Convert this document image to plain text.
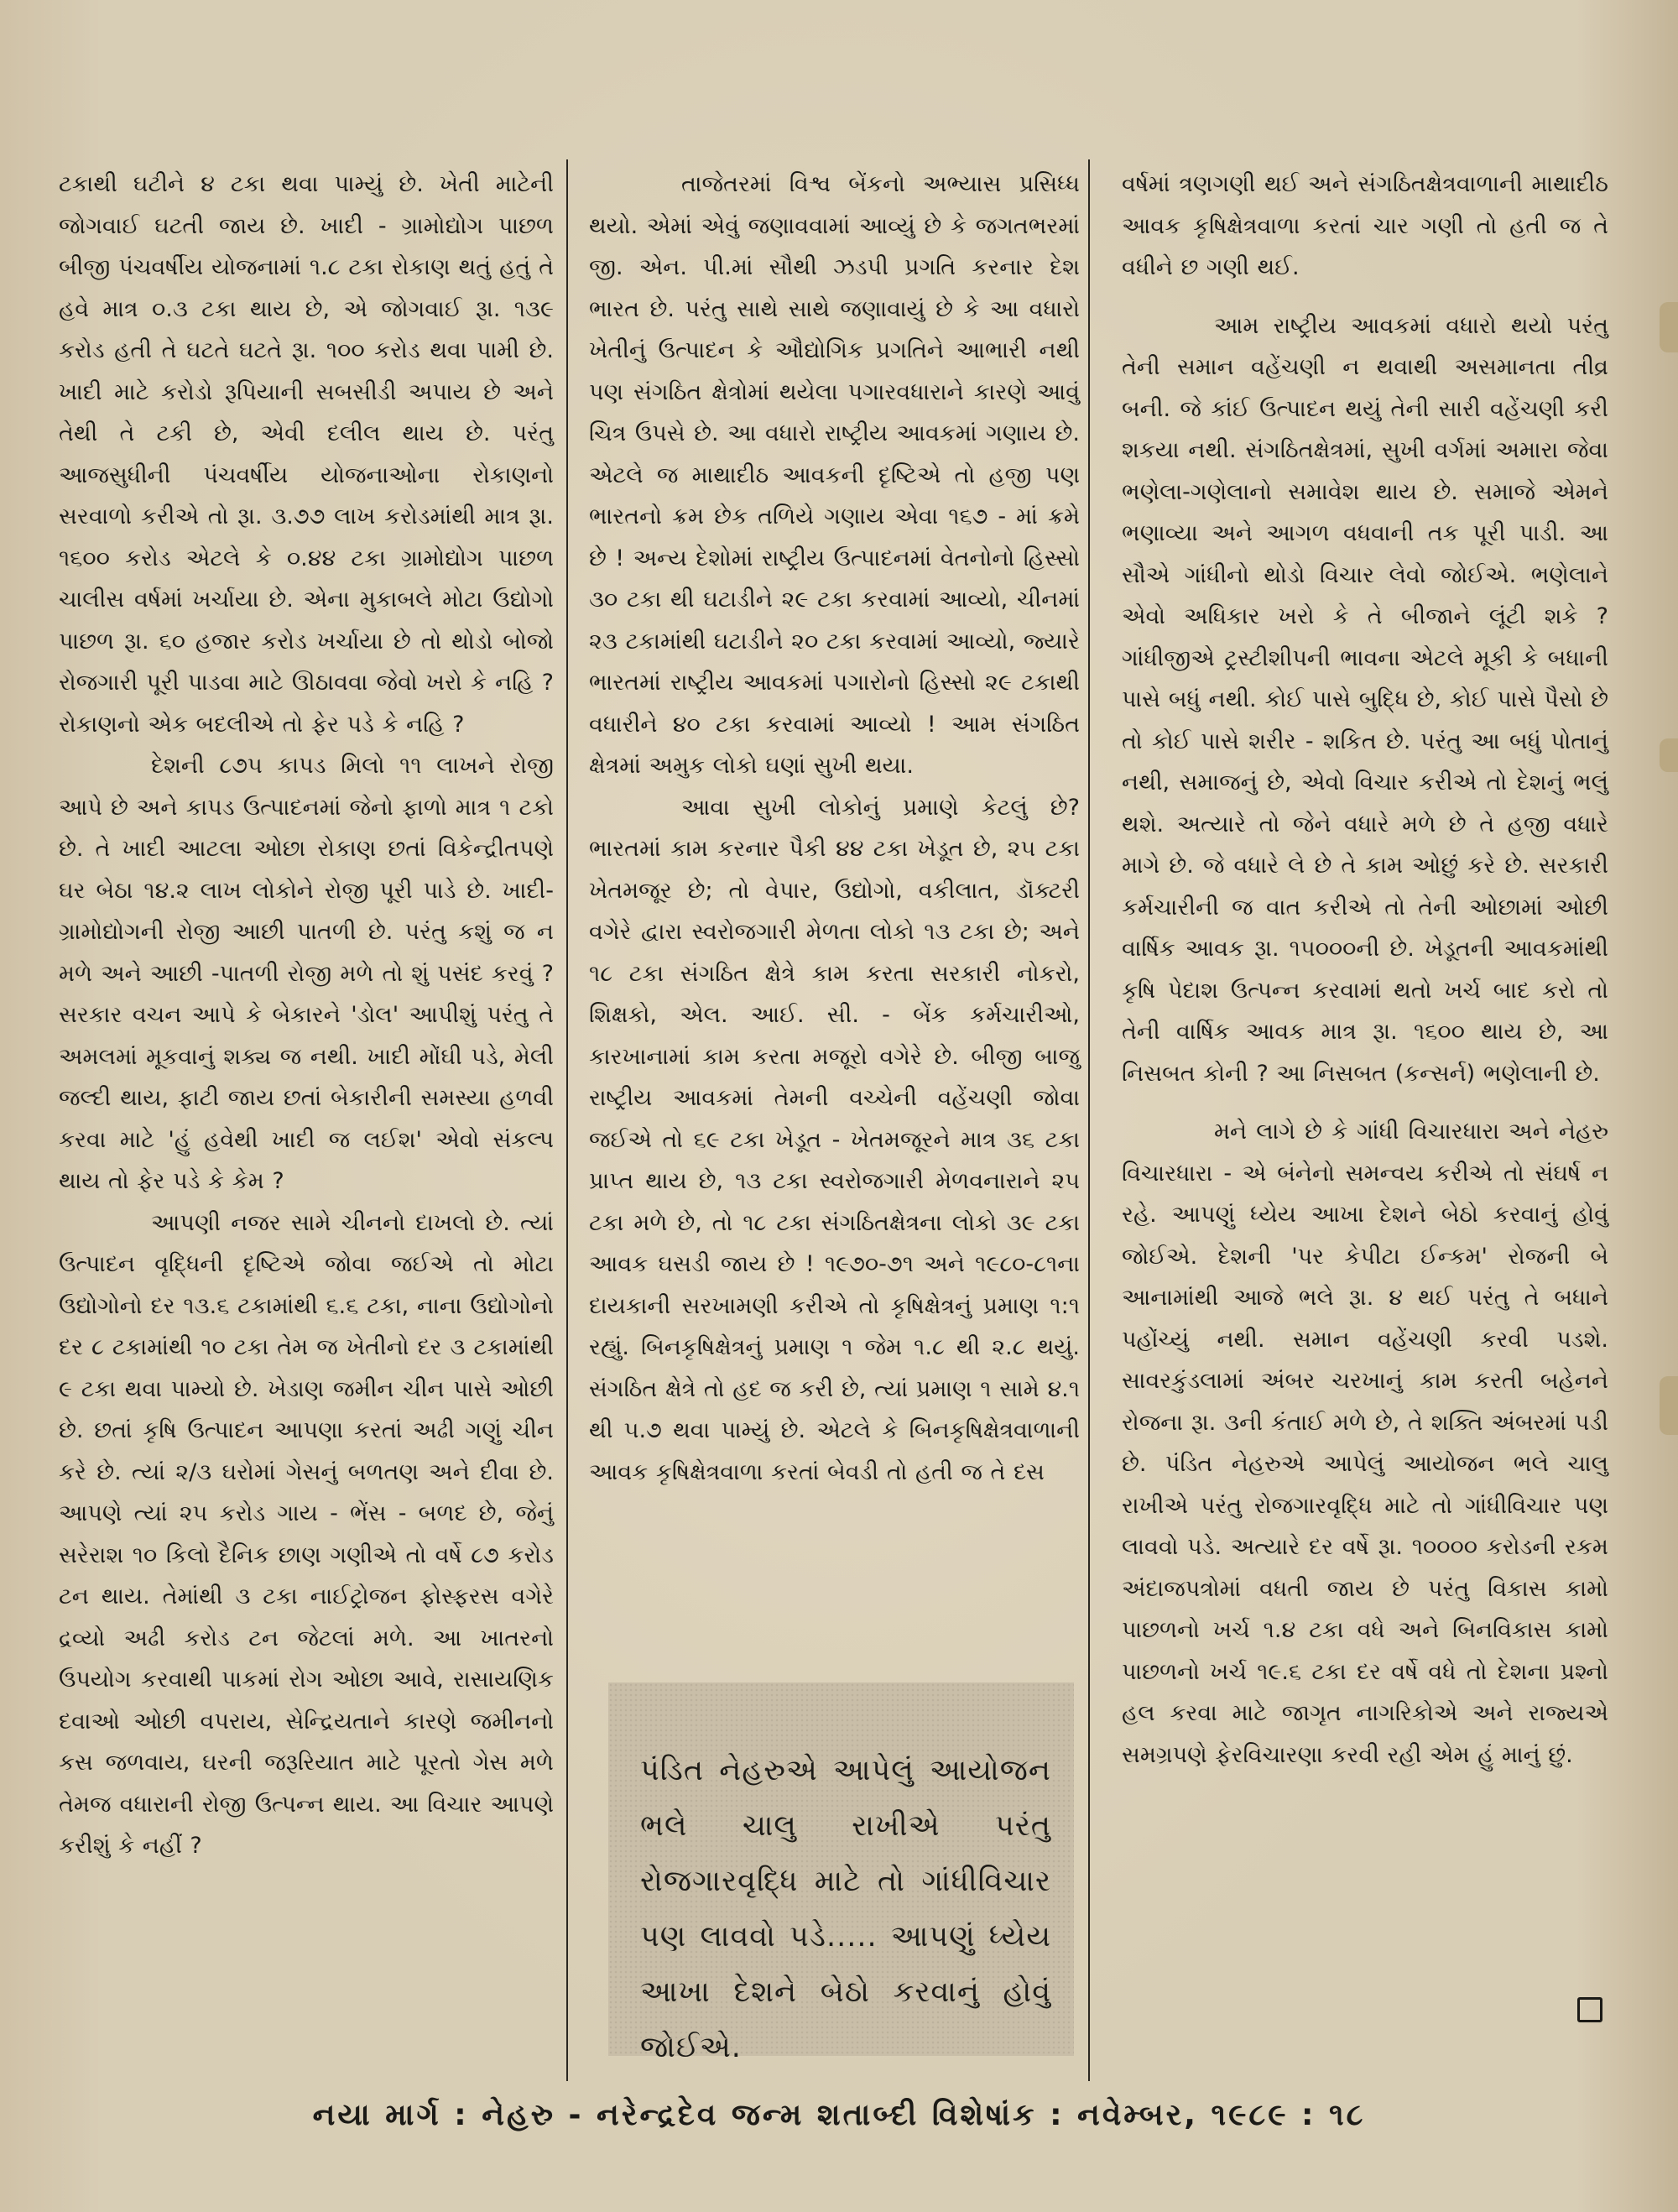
ટકાથી ઘટીને ૪ ટકા થવા પામ્યું છે. ખેતી માટેની જોગવાઈ ઘટતી જાય છે. ખાદી - ગ્રામોદ્યોગ પાછળ બીજી પંચવર્ષીય યોજનામાં ૧.૮ ટકા રોકાણ થતું હતું તે હવે માત્ર ૦.૩ ટકા થાય છે, એ જોગવાઈ રૂા. ૧૩૯ કરોડ હતી તે ઘટતે ઘટતે રૂા. ૧૦૦ કરોડ થવા પામી છે. ખાદી માટે કરોડો રૂપિયાની સબસીડી અપાય છે અને તેથી તે ટકી છે, એવી દલીલ થાય છે. પરંતુ આજસુધીની પંચવર્ષીય યોજનાઓના રોકાણનો સરવાળો કરીએ તો રૂા. ૩.૭૭ લાખ કરોડમાંથી માત્ર રૂા. ૧૬૦૦ કરોડ એટલે કે ૦.૪૪ ટકા ગ્રામોદ્યોગ પાછળ ચાલીસ વર્ષમાં ખર્ચાયા છે. એના મુકાબલે મોટા ઉદ્યોગો પાછળ રૂા. ૬૦ હજાર કરોડ ખર્ચાયા છે તો થોડો બોજો રોજગારી પૂરી પાડવા માટે ઊઠાવવા જેવો ખરો કે નહિ ? રોકાણનો એક બદલીએ તો ફેર પડે કે નહિ ?

દેશની ૮૭૫ કાપડ મિલો ૧૧ લાખને રોજી આપે છે અને કાપડ ઉત્પાદનમાં જેનો ફાળો માત્ર ૧ ટકો છે. તે ખાદી આટલા ઓછા રોકાણ છતાં વિકેન્દ્રીતપણે ઘર બેઠા ૧૪.૨ લાખ લોકોને રોજી પૂરી પાડે છે. ખાદી-ગ્રામોદ્યોગની રોજી આછી પાતળી છે. પરંતુ કશું જ ન મળે અને આછી -પાતળી રોજી મળે તો શું પસંદ કરવું ? સરકાર વચન આપે કે બેકારને 'ડોલ' આપીશું પરંતુ તે અમલમાં મૂકવાનું શક્ય જ નથી. ખાદી મોંઘી પડે, મેલી જલ્દી થાય, ફાટી જાય છતાં બેકારીની સમસ્યા હળવી કરવા માટે 'હું હવેથી ખાદી જ લઈશ' એવો સંકલ્પ થાય તો ફેર પડે કે કેમ ?

આપણી નજર સામે ચીનનો દાખલો છે. ત્યાં ઉત્પાદન વૃદ્ધિની દૃષ્ટિએ જોવા જઈએ તો મોટા ઉદ્યોગોનો દર ૧૩.૬ ટકામાંથી ૬.૬ ટકા, નાના ઉદ્યોગોનો દર ૮ ટકામાંથી ૧૦ ટકા તેમ જ ખેતીનો દર ૩ ટકામાંથી ૯ ટકા થવા પામ્યો છે. ખેડાણ જમીન ચીન પાસે ઓછી છે. છતાં કૃષિ ઉત્પાદન આપણા કરતાં અઢી ગણું ચીન કરે છે. ત્યાં ૨/૩ ઘરોમાં ગેસનું બળતણ અને દીવા છે. આપણે ત્યાં ૨૫ કરોડ ગાય - ભેંસ - બળદ છે, જેનું સરેરાશ ૧૦ કિલો દૈનિક છાણ ગણીએ તો વર્ષે ૮૭ કરોડ ટન થાય. તેમાંથી ૩ ટકા નાઈટ્રોજન ફોસ્ફરસ વગેરે દ્રવ્યો અઢી કરોડ ટન જેટલાં મળે. આ ખાતરનો ઉપયોગ કરવાથી પાકમાં રોગ ઓછા આવે, રાસાયણિક દવાઓ ઓછી વપરાય, સેન્દ્રિયતાને કારણે જમીનનો કસ જળવાય, ઘરની જરૂરિયાત માટે પૂરતો ગેસ મળે તેમજ વધારાની રોજી ઉત્પન્ન થાય. આ વિચાર આપણે કરીશું કે નહીં ?

તાજેતરમાં વિશ્વ બેંકનો અભ્યાસ પ્રસિધ્ધ થયો. એમાં એવું જણાવવામાં આવ્યું છે કે જગતભરમાં જી. એન. પી.માં સૌથી ઝડપી પ્રગતિ કરનાર દેશ ભારત છે. પરંતુ સાથે સાથે જણાવાયું છે કે આ વધારો ખેતીનું ઉત્પાદન કે ઔદ્યોગિક પ્રગતિને આભારી નથી પણ સંગઠિત ક્ષેત્રોમાં થયેલા પગારવધારાને કારણે આવું ચિત્ર ઉપસે છે. આ વધારો રાષ્ટ્રીય આવકમાં ગણાય છે. એટલે જ માથાદીઠ આવકની દૃષ્ટિએ તો હજી પણ ભારતનો ક્રમ છેક તળિયે ગણાય એવા ૧૬૭ - માં ક્રમે છે ! અન્ય દેશોમાં રાષ્ટ્રીય ઉત્પાદનમાં વેતનોનો હિસ્સો ૩૦ ટકા થી ઘટાડીને ૨૯ ટકા કરવામાં આવ્યો, ચીનમાં ૨૩ ટકામાંથી ઘટાડીને ૨૦ ટકા કરવામાં આવ્યો, જ્યારે ભારતમાં રાષ્ટ્રીય આવકમાં પગારોનો હિસ્સો ૨૯ ટકાથી વધારીને ૪૦ ટકા કરવામાં આવ્યો ! આમ સંગઠિત ક્ષેત્રમાં અમુક લોકો ઘણાં સુખી થયા.

આવા સુખી લોકોનું પ્રમાણે કેટલું છે? ભારતમાં કામ કરનાર પૈકી ૪૪ ટકા ખેડૂત છે, ૨૫ ટકા ખેતમજૂર છે; તો વેપાર, ઉદ્યોગો, વકીલાત, ડૉક્ટરી વગેરે દ્વારા સ્વરોજગારી મેળતા લોકો ૧૩ ટકા છે; અને ૧૮ ટકા સંગઠિત ક્ષેત્રે કામ કરતા સરકારી નોકરો, શિક્ષકો, એલ. આઈ. સી. - બેંક કર્મચારીઓ, કારખાનામાં કામ કરતા મજૂરો વગેરે છે. બીજી બાજુ રાષ્ટ્રીય આવકમાં તેમની વચ્ચેની વહેંચણી જોવા જઈએ તો ૬૯ ટકા ખેડૂત - ખેતમજૂરને માત્ર ૩૬ ટકા પ્રાપ્ત થાય છે, ૧૩ ટકા સ્વરોજગારી મેળવનારાને ૨૫ ટકા મળે છે, તો ૧૮ ટકા સંગઠિતક્ષેત્રના લોકો ૩૯ ટકા આવક ઘસડી જાય છે ! ૧૯૭૦-૭૧ અને ૧૯૮૦-૮૧ના દાયકાની સરખામણી કરીએ તો કૃષિક્ષેત્રનું પ્રમાણ ૧:૧ રહ્યું. બિનકૃષિક્ષેત્રનું પ્રમાણ ૧ જેમ ૧.૮ થી ૨.૮ થયું. સંગઠિત ક્ષેત્રે તો હદ જ કરી છે, ત્યાં પ્રમાણ ૧ સામે ૪.૧ થી ૫.૭ થવા પામ્યું છે. એટલે કે બિનકૃષિક્ષેત્રવાળાની આવક કૃષિક્ષેત્રવાળા કરતાં બેવડી તો હતી જ તે દસ

પંડિત નેહરુએ આપેલું આયોજન ભલે ચાલુ રાખીએ પરંતુ રોજગારવૃદ્ધિ માટે તો ગાંધીવિચાર પણ લાવવો પડે..... આપણું ધ્યેય આખા દેશને બેઠો કરવાનું હોવું જોઈએ.

વર્ષમાં ત્રણગણી થઈ અને સંગઠિતક્ષેત્રવાળાની માથાદીઠ આવક કૃષિક્ષેત્રવાળા કરતાં ચાર ગણી તો હતી જ તે વધીને છ ગણી થઈ.

આમ રાષ્ટ્રીય આવકમાં વધારો થયો પરંતુ તેની સમાન વહેંચણી ન થવાથી અસમાનતા તીવ્ર બની. જે કાંઈ ઉત્પાદન થયું તેની સારી વહેંચણી કરી શકયા નથી. સંગઠિતક્ષેત્રમાં, સુખી વર્ગમાં અમારા જેવા ભણેલા-ગણેલાનો સમાવેશ થાય છે. સમાજે એમને ભણાવ્યા અને આગળ વધવાની તક પૂરી પાડી. આ સૌએ ગાંધીનો થોડો વિચાર લેવો જોઈએ. ભણેલાને એવો અધિકાર ખરો કે તે બીજાને લૂંટી શકે ? ગાંધીજીએ ટ્રસ્ટીશીપની ભાવના એટલે મૂકી કે બધાની પાસે બધું નથી. કોઈ પાસે બુદ્ધિ છે, કોઈ પાસે પૈસો છે તો કોઈ પાસે શરીર - શકિત છે. પરંતુ આ બધું પોતાનું નથી, સમાજનું છે, એવો વિચાર કરીએ તો દેશનું ભલું થશે. અત્યારે તો જેને વધારે મળે છે તે હજી વધારે માગે છે. જે વધારે લે છે તે કામ ઓછું કરે છે. સરકારી કર્મચારીની જ વાત કરીએ તો તેની ઓછામાં ઓછી વાર્ષિક આવક રૂા. ૧૫૦૦૦ની છે. ખેડૂતની આવકમાંથી કૃષિ પેદાશ ઉત્પન્ન કરવામાં થતો ખર્ચ બાદ કરો તો તેની વાર્ષિક આવક માત્ર રૂા. ૧૬૦૦ થાય છે, આ નિસબત કોની ? આ નિસબત (કન્સર્ન) ભણેલાની છે.

મને લાગે છે કે ગાંધી વિચારધારા અને નેહરુ વિચારધારા - એ બંનેનો સમન્વય કરીએ તો સંઘર્ષ ન રહે. આપણું ધ્યેય આખા દેશને બેઠો કરવાનું હોવું જોઈએ. દેશની 'પર કેપીટા ઈન્કમ' રોજની બે આનામાંથી આજે ભલે રૂા. ૪ થઈ પરંતુ તે બધાને પહોંચ્યું નથી. સમાન વહેંચણી કરવી પડશે. સાવરકુંડલામાં અંબર ચરખાનું કામ કરતી બહેનને રોજના રૂા. ૩ની કંતાઈ મળે છે, તે શક્તિ અંબરમાં પડી છે. પંડિત નેહરુએ આપેલું આયોજન ભલે ચાલુ રાખીએ પરંતુ રોજગારવૃદ્ધિ માટે તો ગાંધીવિચાર પણ લાવવો પડે. અત્યારે દર વર્ષે રૂા. ૧૦૦૦૦ કરોડની રકમ અંદાજપત્રોમાં વધતી જાય છે પરંતુ વિકાસ કામો પાછળનો ખર્ચ ૧.૪ ટકા વધે અને બિનવિકાસ કામો પાછળનો ખર્ચ ૧૯.૬ ટકા દર વર્ષે વધે તો દેશના પ્રશ્નો હલ કરવા માટે જાગૃત નાગરિકોએ અને રાજ્યએ સમગ્રપણે ફેરવિચારણા કરવી રહી એમ હું માનું છું.

નયા માર્ગ : નેહરુ - નરેન્દ્રદેવ જન્મ શતાબ્દી વિશેષાંક : નવેમ્બર, ૧૯૮૯ : ૧૮
